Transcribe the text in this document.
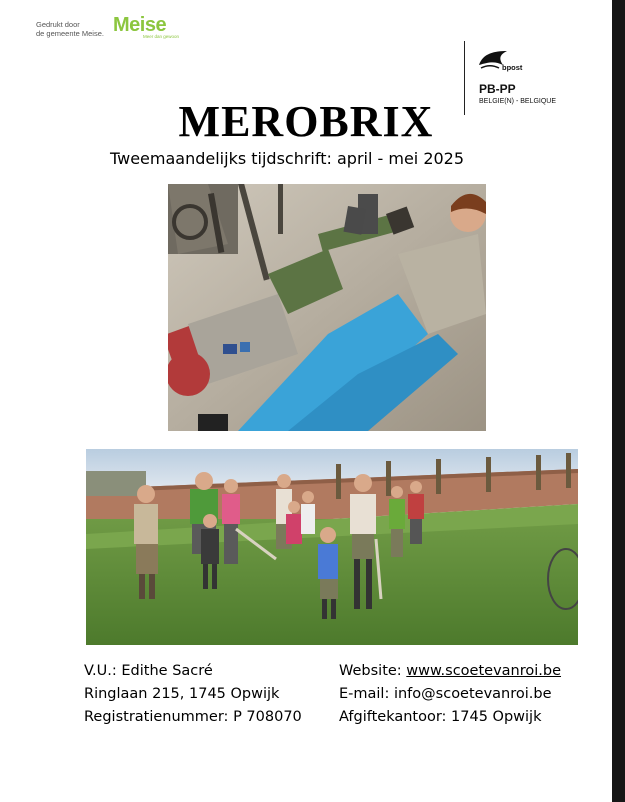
Gedrukt door
de gemeente Meise. Meise
Meer dan gewoon
bpost
PB-PP
BELGIE(N) - BELGIQUE
MEROBRIX
Tweemaandelijks tijdschrift: april - mei 2025
V.U.: Edithe Sacré
Ringlaan 215, 1745 Opwijk
Registratienummer: P 708070
Website: www.scoetevanroi.be
E-mail: info@scoetevanroi.be
Afgiftekantoor: 1745 Opwijk
